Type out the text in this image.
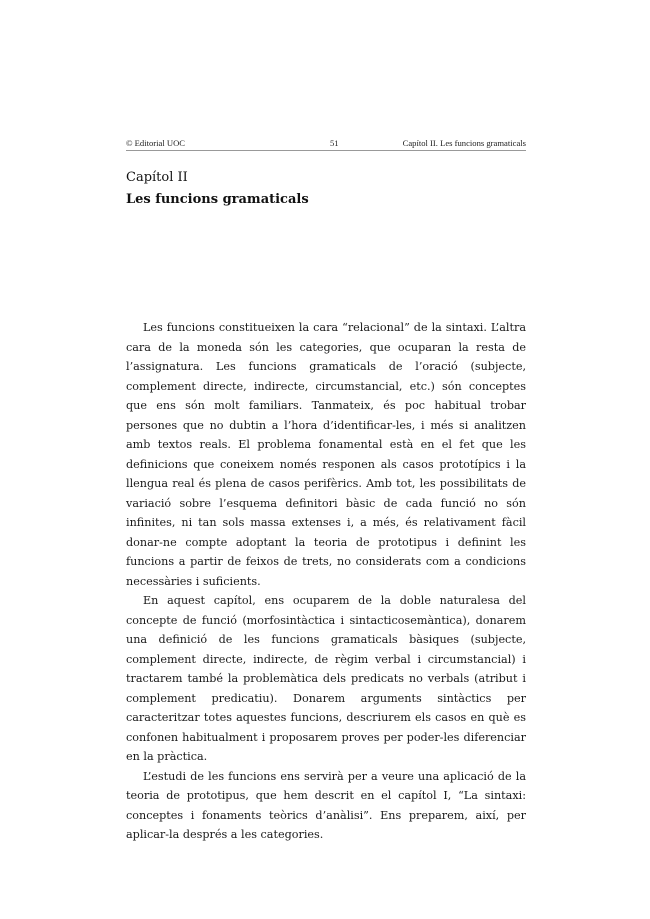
© Editorial UOC	51	Capítol II. Les funcions gramaticals
Capítol II
Les funcions gramaticals

Les funcions constitueixen la cara “relacional” de la sintaxi. L’altra cara de la moneda són les categories, que ocuparan la resta de l’assignatura. Les funcions gramaticals de l’oració (subjecte, complement directe, indirecte, circumstancial, etc.) són conceptes que ens són molt familiars. Tanmateix, és poc habitual trobar persones que no dubtin a l’hora d’identificar-les, i més si analitzen amb textos reals. El problema fonamental està en el fet que les definicions que coneixem només responen als casos prototípics i la llengua real és plena de casos perifèrics. Amb tot, les possibilitats de variació sobre l’esquema definitori bàsic de cada funció no són infinites, ni tan sols massa extenses i, a més, és relativament fàcil donar-ne compte adoptant la teoria de prototipus i definint les funcions a partir de feixos de trets, no considerats com a condicions necessàries i suficients.

En aquest capítol, ens ocuparem de la doble naturalesa del concepte de funció (morfosintàctica i sintacticosemàntica), donarem una definició de les funcions gramaticals bàsiques (subjecte, complement directe, indirecte, de règim verbal i circumstancial) i tractarem també la problemàtica dels predicats no verbals (atribut i complement predicatiu). Donarem arguments sintàctics per caracteritzar totes aquestes funcions, descriurem els casos en què es confonen habitualment i proposarem proves per poder-les diferenciar en la pràctica.

L’estudi de les funcions ens servirà per a veure una aplicació de la teoria de prototipus, que hem descrit en el capítol I, “La sintaxi: conceptes i fonaments teòrics d’anàlisi”. Ens preparem, així, per aplicar-la després a les categories.
